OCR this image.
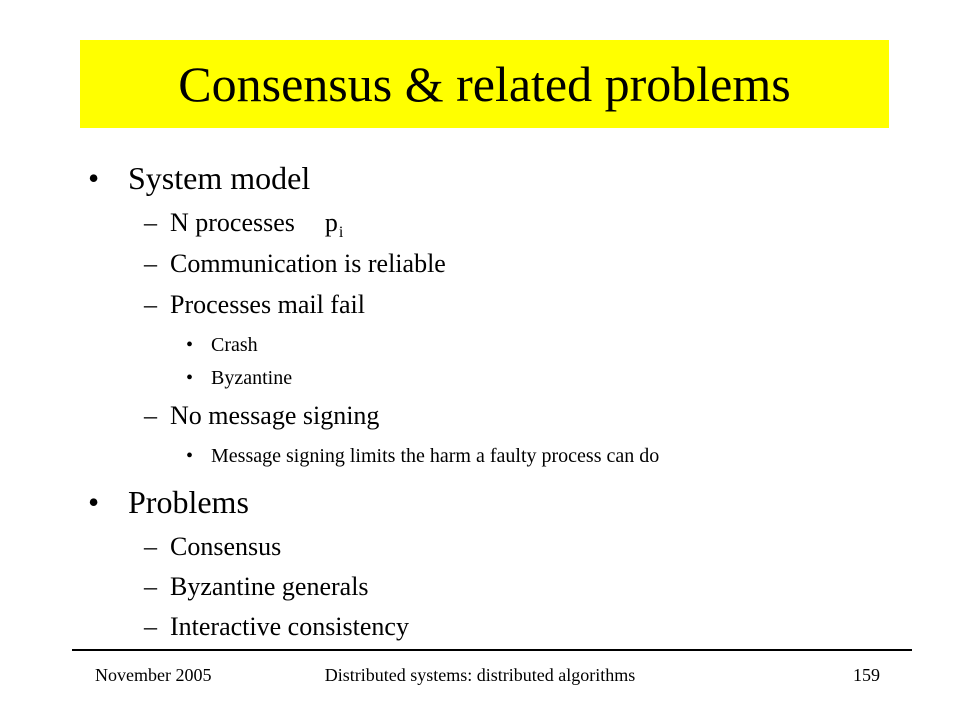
Consensus & related problems
• System model
– N processes p i
– Communication is reliable
– Processes mail fail
• Crash
• Byzantine
– No message signing
• Message signing limits the harm a faulty process can do
• Problems
– Consensus
– Byzantine generals
– Interactive consistency
November 2005	Distributed systems: distributed algorithms	159
